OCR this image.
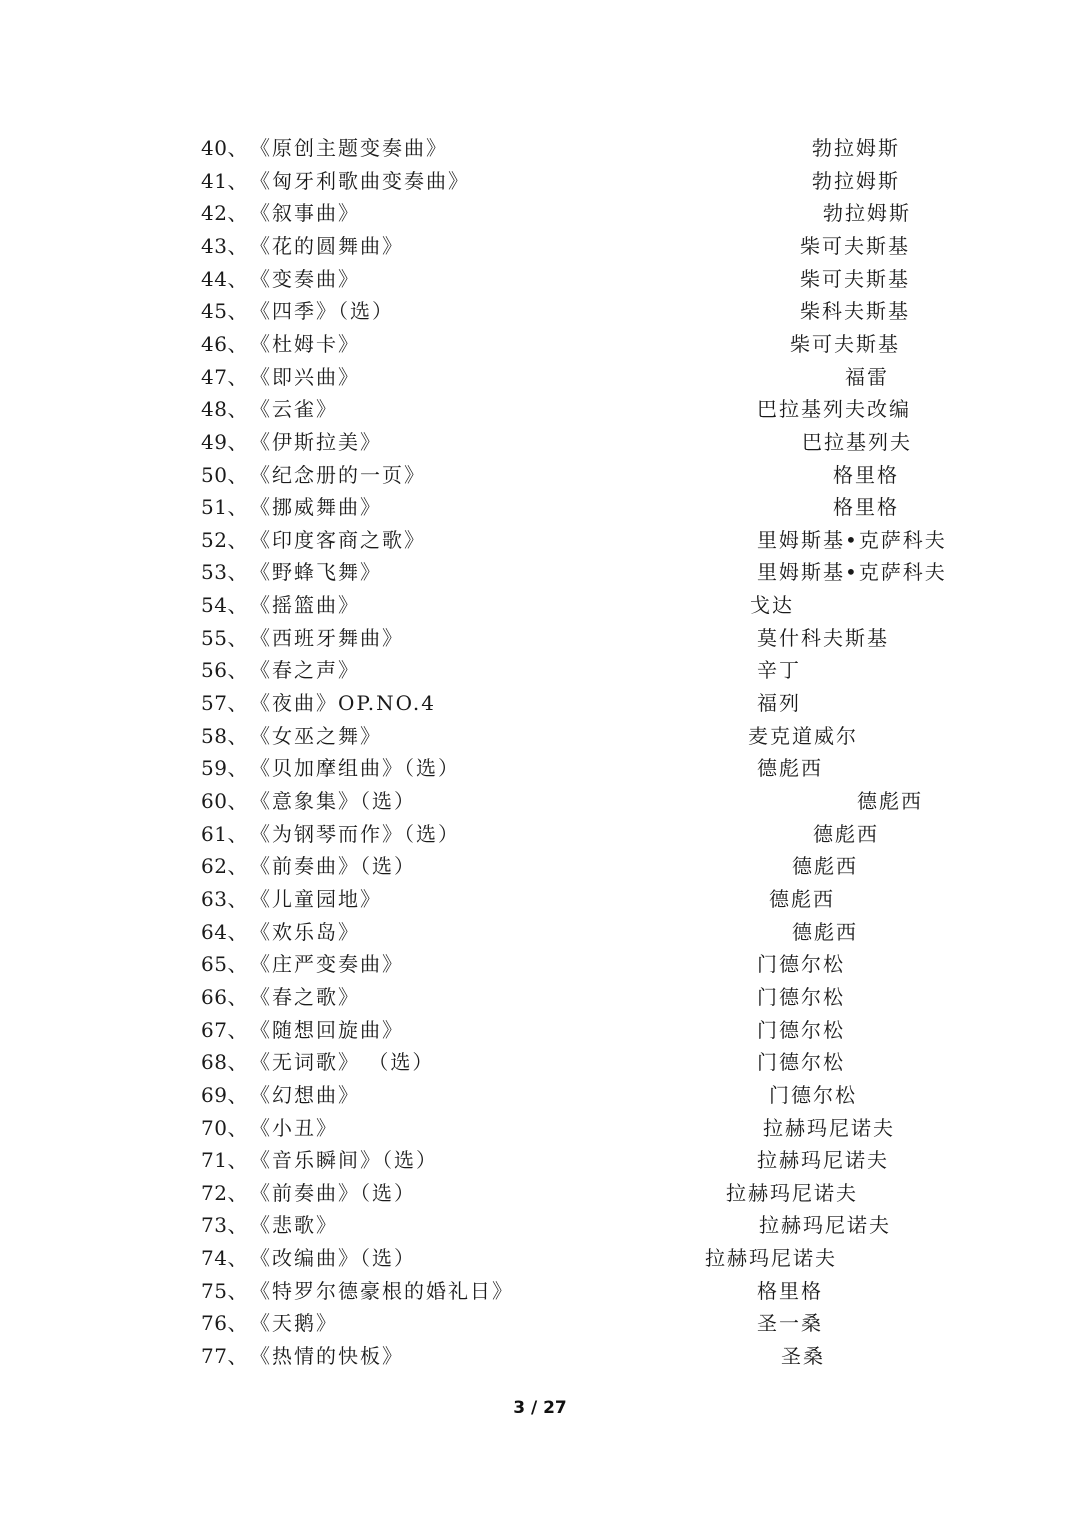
40、 《原创主题变奏曲》	勃拉姆斯
41、 《匈牙利歌曲变奏曲》	勃拉姆斯
42、 《叙事曲》	勃拉姆斯
43、 《花的圆舞曲》	柴可夫斯基
44、 《变奏曲》	柴可夫斯基
45、 《四季》（选）	柴科夫斯基
46、 《杜姆卡》	柴可夫斯基
47、 《即兴曲》	福雷
48、 《云雀》	巴拉基列夫改编
49、 《伊斯拉美》	巴拉基列夫
50、 《纪念册的一页》	格里格
51、 《挪威舞曲》	格里格
52、 《印度客商之歌》	里姆斯基•克萨科夫
53、 《野蜂飞舞》	里姆斯基•克萨科夫
54、 《摇篮曲》	戈达
55、 《西班牙舞曲》	莫什科夫斯基
56、 《春之声》	辛丁
57、 《夜曲》OP.NO.4	福列
58、 《女巫之舞》	麦克道威尔
59、 《贝加摩组曲》（选）	德彪西
60、 《意象集》（选）	德彪西
61、 《为钢琴而作》（选）	德彪西
62、 《前奏曲》（选）	德彪西
63、 《儿童园地》	德彪西
64、 《欢乐岛》	德彪西
65、 《庄严变奏曲》	门德尔松
66、 《春之歌》	门德尔松
67、 《随想回旋曲》	门德尔松
68、 《无词歌》 （选）	门德尔松
69、 《幻想曲》	门德尔松
70、 《小丑》	拉赫玛尼诺夫
71、 《音乐瞬间》（选）	拉赫玛尼诺夫
72、 《前奏曲》（选）	拉赫玛尼诺夫
73、 《悲歌》	拉赫玛尼诺夫
74、 《改编曲》（选）	拉赫玛尼诺夫
75、 《特罗尔德豪根的婚礼日》	格里格
76、 《天鹅》	圣一桑
77、 《热情的快板》	圣桑
3 / 27
